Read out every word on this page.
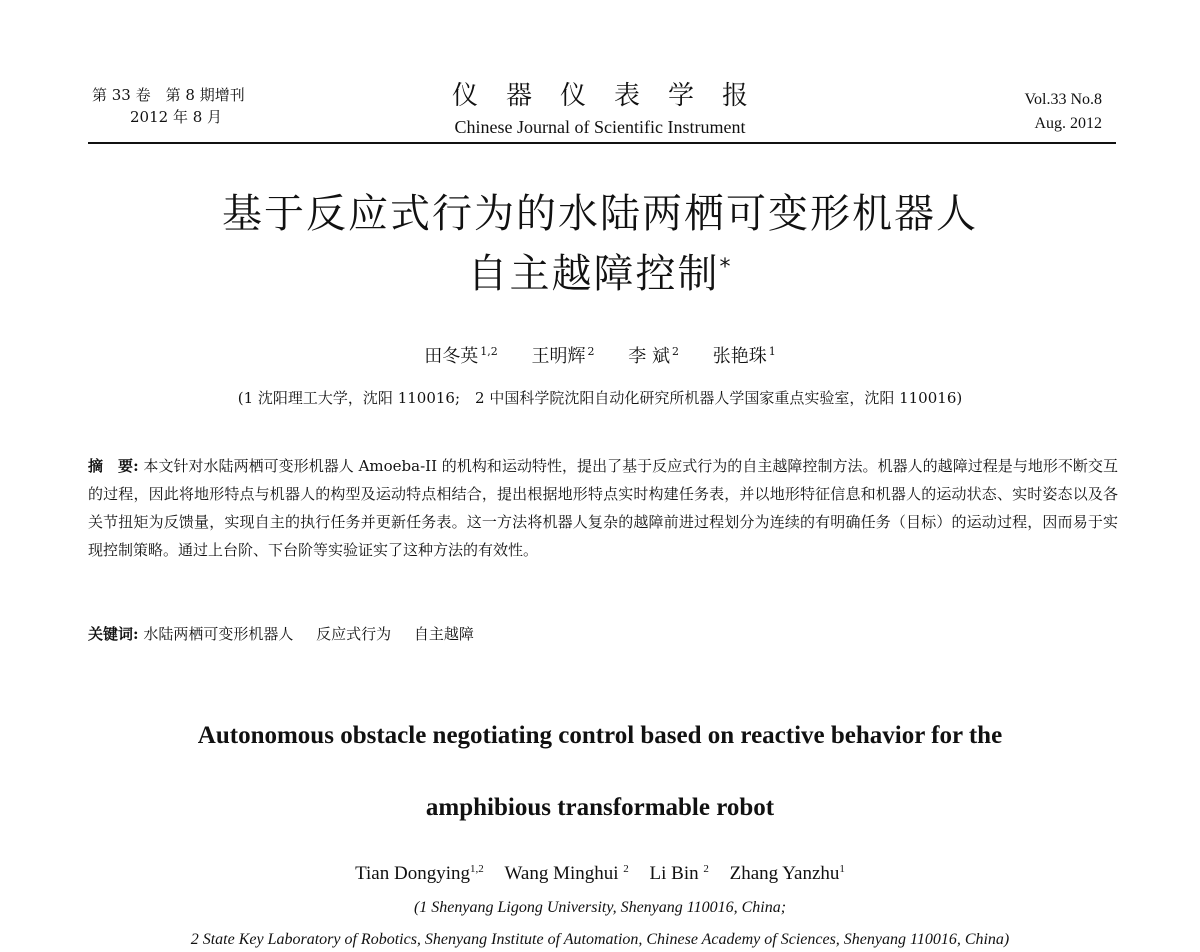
第 33 卷　第 8 期增刊
2012 年 8 月
仪器仪表学报
Chinese Journal of Scientific Instrument
Vol.33 No.8
Aug. 2012
基于反应式行为的水陆两栖可变形机器人
自主越障控制*
田冬英 $^{1,2}$ 王明辉 $^2$ 李 斌 $^2$ 张艳珠 $^1$
(1 沈阳理工大学，沈阳 110016;　2 中国科学院沈阳自动化研究所机器人学国家重点实验室，沈阳 110016)
摘　要: 本文针对水陆两栖可变形机器人 Amoeba-II 的机构和运动特性，提出了基于反应式行为的自主越障控制方法。机器人的越障过程是与地形不断交互的过程，因此将地形特点与机器人的构型及运动特点相结合，提出根据地形特点实时构建任务表，并以地形特征信息和机器人的运动状态、实时姿态以及各关节扭矩为反馈量，实现自主的执行任务并更新任务表。这一方法将机器人复杂的越障前进过程划分为连续的有明确任务（目标）的运动过程，因而易于实现控制策略。通过上台阶、下台阶等实验证实了这种方法的有效性。
关键词: 水陆两栖可变形机器人 反应式行为 自主越障
Autonomous obstacle negotiating control based on reactive behavior for the
amphibious transformable robot
Tian Dongying$^{1,2}$ Wang Minghui $^2$ Li Bin $^2$ Zhang Yanzhu$^1$
(1 Shenyang Ligong University, Shenyang 110016, China;
2 State Key Laboratory of Robotics, Shenyang Institute of Automation, Chinese Academy of Sciences, Shenyang 110016, China)
